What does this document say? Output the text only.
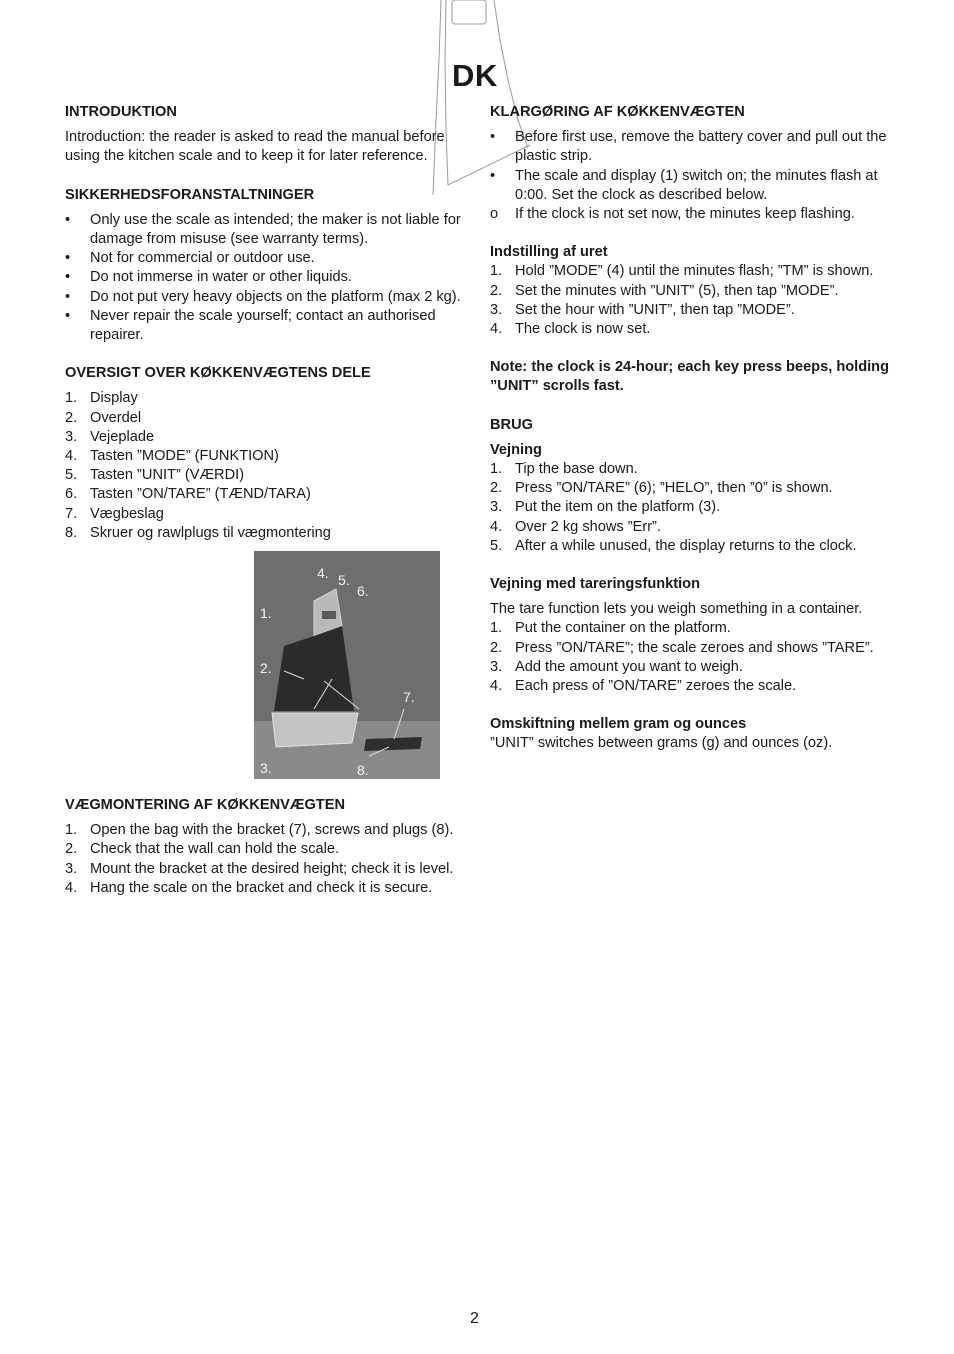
DK
INTRODUKTION

Introduction: the reader is asked to read the manual before using the kitchen scale and to keep it for later reference.

SIKKERHEDSFORANSTALTNINGER
•	Only use the scale as intended; the maker is not liable for damage from misuse (see warranty terms).
•	Not for commercial or outdoor use.
•	Do not immerse in water or other liquids.
•	Do not put very heavy objects on the platform (max 2 kg).
•	Never repair the scale yourself; contact an authorised repairer.
OVERSIGT OVER KØKKENVÆGTENS DELE
1. Display
2. Overdel
3. Vejeplade
4. Tasten ”MODE” (FUNKTION)
5. Tasten ”UNIT” (VÆRDI)
6. Tasten ”ON/TARE” (TÆND/TARA)
7. Vægbeslag
8. Skruer og rawlplugs til vægmontering
1.
2.
3.
4. 5.
6.
7.
8.
VÆGMONTERING AF KØKKENVÆGTEN
1. Open the bag with the bracket (7), screws and plugs (8).
2. Check that the wall can hold the scale.
3. Mount the bracket at the desired height; check it is level.
4. Hang the scale on the bracket and check it is secure.
KLARGØRING AF KØKKENVÆGTEN
•	Before first use, remove the battery cover and pull out the plastic strip.
•	The scale and display (1) switch on; the minutes flash at 0:00. Set the clock as described below.
o	If the clock is not set now, the minutes keep flashing.
Indstilling af uret
1. Hold ”MODE” (4) until the minutes flash; ”TM” is shown.
2. Set the minutes with ”UNIT” (5), then tap ”MODE”.
3. Set the hour with ”UNIT”, then tap ”MODE”.
4. The clock is now set.

Note: the clock is 24-hour; each key press beeps, holding ”UNIT” scrolls fast.

BRUG
Vejning
1. Tip the base down.
2. Press ”ON/TARE” (6); ”HELO”, then ”0” is shown.
3. Put the item on the platform (3).
4. Over 2 kg shows ”Err”.
5. After a while unused, the display returns to the clock.
Vejning med tareringsfunktion

The tare function lets you weigh something in a container.

1. Put the container on the platform.
2. Press ”ON/TARE”; the scale zeroes and shows ”TARE”.
3. Add the amount you want to weigh.
4. Each press of ”ON/TARE” zeroes the scale.
Omskiftning mellem gram og ounces

”UNIT” switches between grams (g) and ounces (oz).

2
